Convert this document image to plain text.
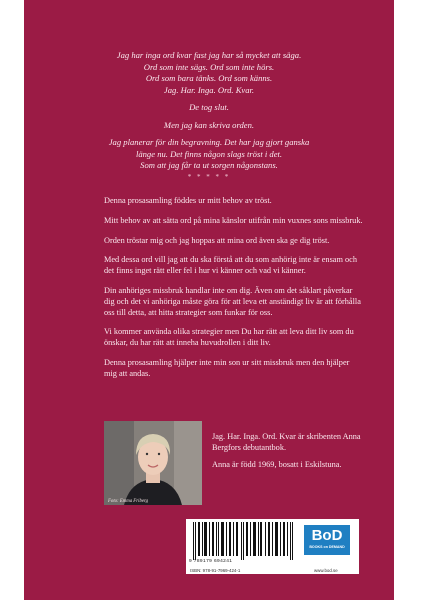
Jag har inga ord kvar fast jag har så mycket att säga.
Ord som inte sägs. Ord som inte hörs.
Ord som bara tänks. Ord som känns.
Jag. Har. Inga. Ord. Kvar.

De tog slut.

Men jag kan skriva orden.

Jag planerar för din begravning. Det har jag gjort ganska
länge nu. Det finns någon slags tröst i det.
Som att jag får ta ut sorgen någonstans.

* * * * *

Denna prosasamling föddes ur mitt behov av tröst.

Mitt behov av att sätta ord på mina känslor utifrån min vuxnes sons missbruk.

Orden tröstar mig och jag hoppas att mina ord även ska ge dig tröst.

Med dessa ord vill jag att du ska förstå att du som anhörig inte är ensam och det finns inget rätt eller fel i hur vi känner och vad vi känner.

Din anhöriges missbruk handlar inte om dig. Även om det såklart påverkar dig och det vi anhöriga måste göra för att leva ett anständigt liv är att förhålla oss till detta, att hitta strategier som funkar för oss.

Vi kommer använda olika strategier men Du har rätt att leva ditt liv som du önskar, du har rätt att inneha huvudrollen i ditt liv.

Denna prosasamling hjälper inte min son ur sitt missbruk men den hjälper mig att andas.

Foto: Emma Friberg

Jag. Har. Inga. Ord. Kvar är skribenten Anna Bergfors debutantbok.

Anna är född 1969, bosatt i Eskilstuna.

9 789179 694241
ISBN: 978-91-7969-424-1
BoD
BOOKS on DEMAND
www.bod.se
